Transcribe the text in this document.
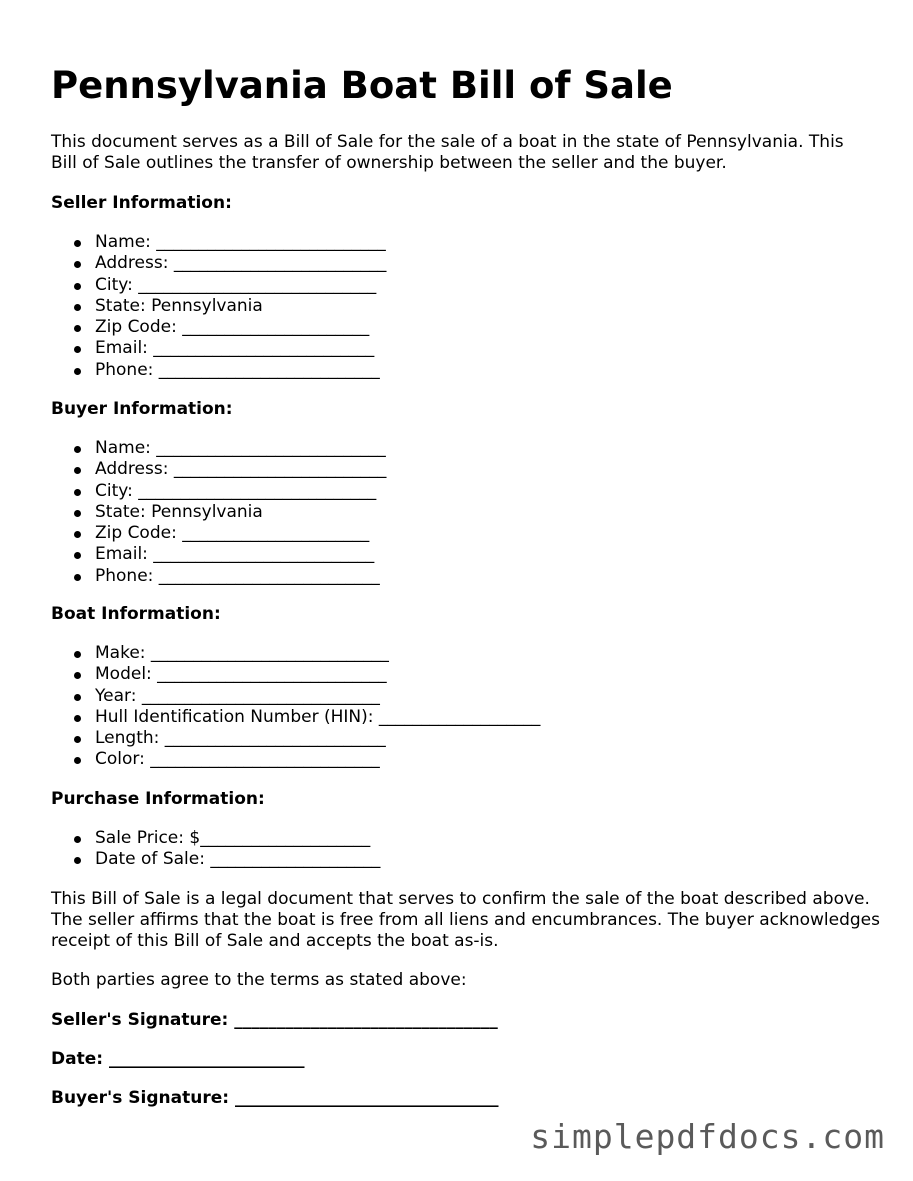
Pennsylvania Boat Bill of Sale

This document serves as a Bill of Sale for the sale of a boat in the state of Pennsylvania. This Bill of Sale outlines the transfer of ownership between the seller and the buyer.

Seller Information:
Name: ___________________________
Address: _________________________
City: ____________________________
State: Pennsylvania
Zip Code: ______________________
Email: __________________________
Phone: __________________________
Buyer Information:
Name: ___________________________
Address: _________________________
City: ____________________________
State: Pennsylvania
Zip Code: ______________________
Email: __________________________
Phone: __________________________
Boat Information:
Make: ____________________________
Model: ___________________________
Year: ____________________________
Hull Identification Number (HIN): ___________________
Length: __________________________
Color: ___________________________
Purchase Information:
Sale Price: $____________________
Date of Sale: ____________________

This Bill of Sale is a legal document that serves to confirm the sale of the boat described above. The seller affirms that the boat is free from all liens and encumbrances. The buyer acknowledges receipt of this Bill of Sale and accepts the boat as-is.

Both parties agree to the terms as stated above:

Seller's Signature: _______________________________
Date: _______________________
Buyer's Signature: _______________________________
simplepdfdocs.com
